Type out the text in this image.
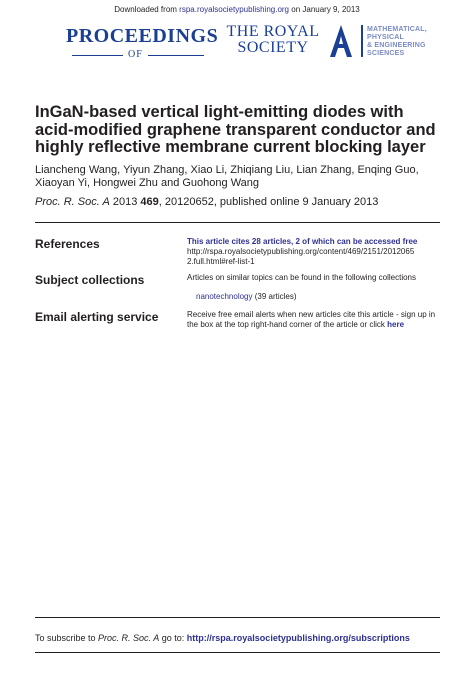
Downloaded from rspa.royalsocietypublishing.org on January 9, 2013
PROCEEDINGS
OF
THE ROYAL
SOCIETY
MATHEMATICAL,
PHYSICAL
& ENGINEERING
SCIENCES
InGaN-based vertical light-emitting diodes with
acid-modified graphene transparent conductor and
highly reflective membrane current blocking layer
Liancheng Wang, Yiyun Zhang, Xiao Li, Zhiqiang Liu, Lian Zhang, Enqing Guo,
Xiaoyan Yi, Hongwei Zhu and Guohong Wang
Proc. R. Soc. A 2013 469, 20120652, published online 9 January 2013
References	This article cites 28 articles, 2 of which can be accessed free
http://rspa.royalsocietypublishing.org/content/469/2151/2012065
2.full.html#ref-list-1
Subject collections	Articles on similar topics can be found in the following collections
nanotechnology (39 articles)
Email alerting service	Receive free email alerts when new articles cite this article - sign up in
the box at the top right-hand corner of the article or click here
To subscribe to Proc. R. Soc. A go to: http://rspa.royalsocietypublishing.org/subscriptions
